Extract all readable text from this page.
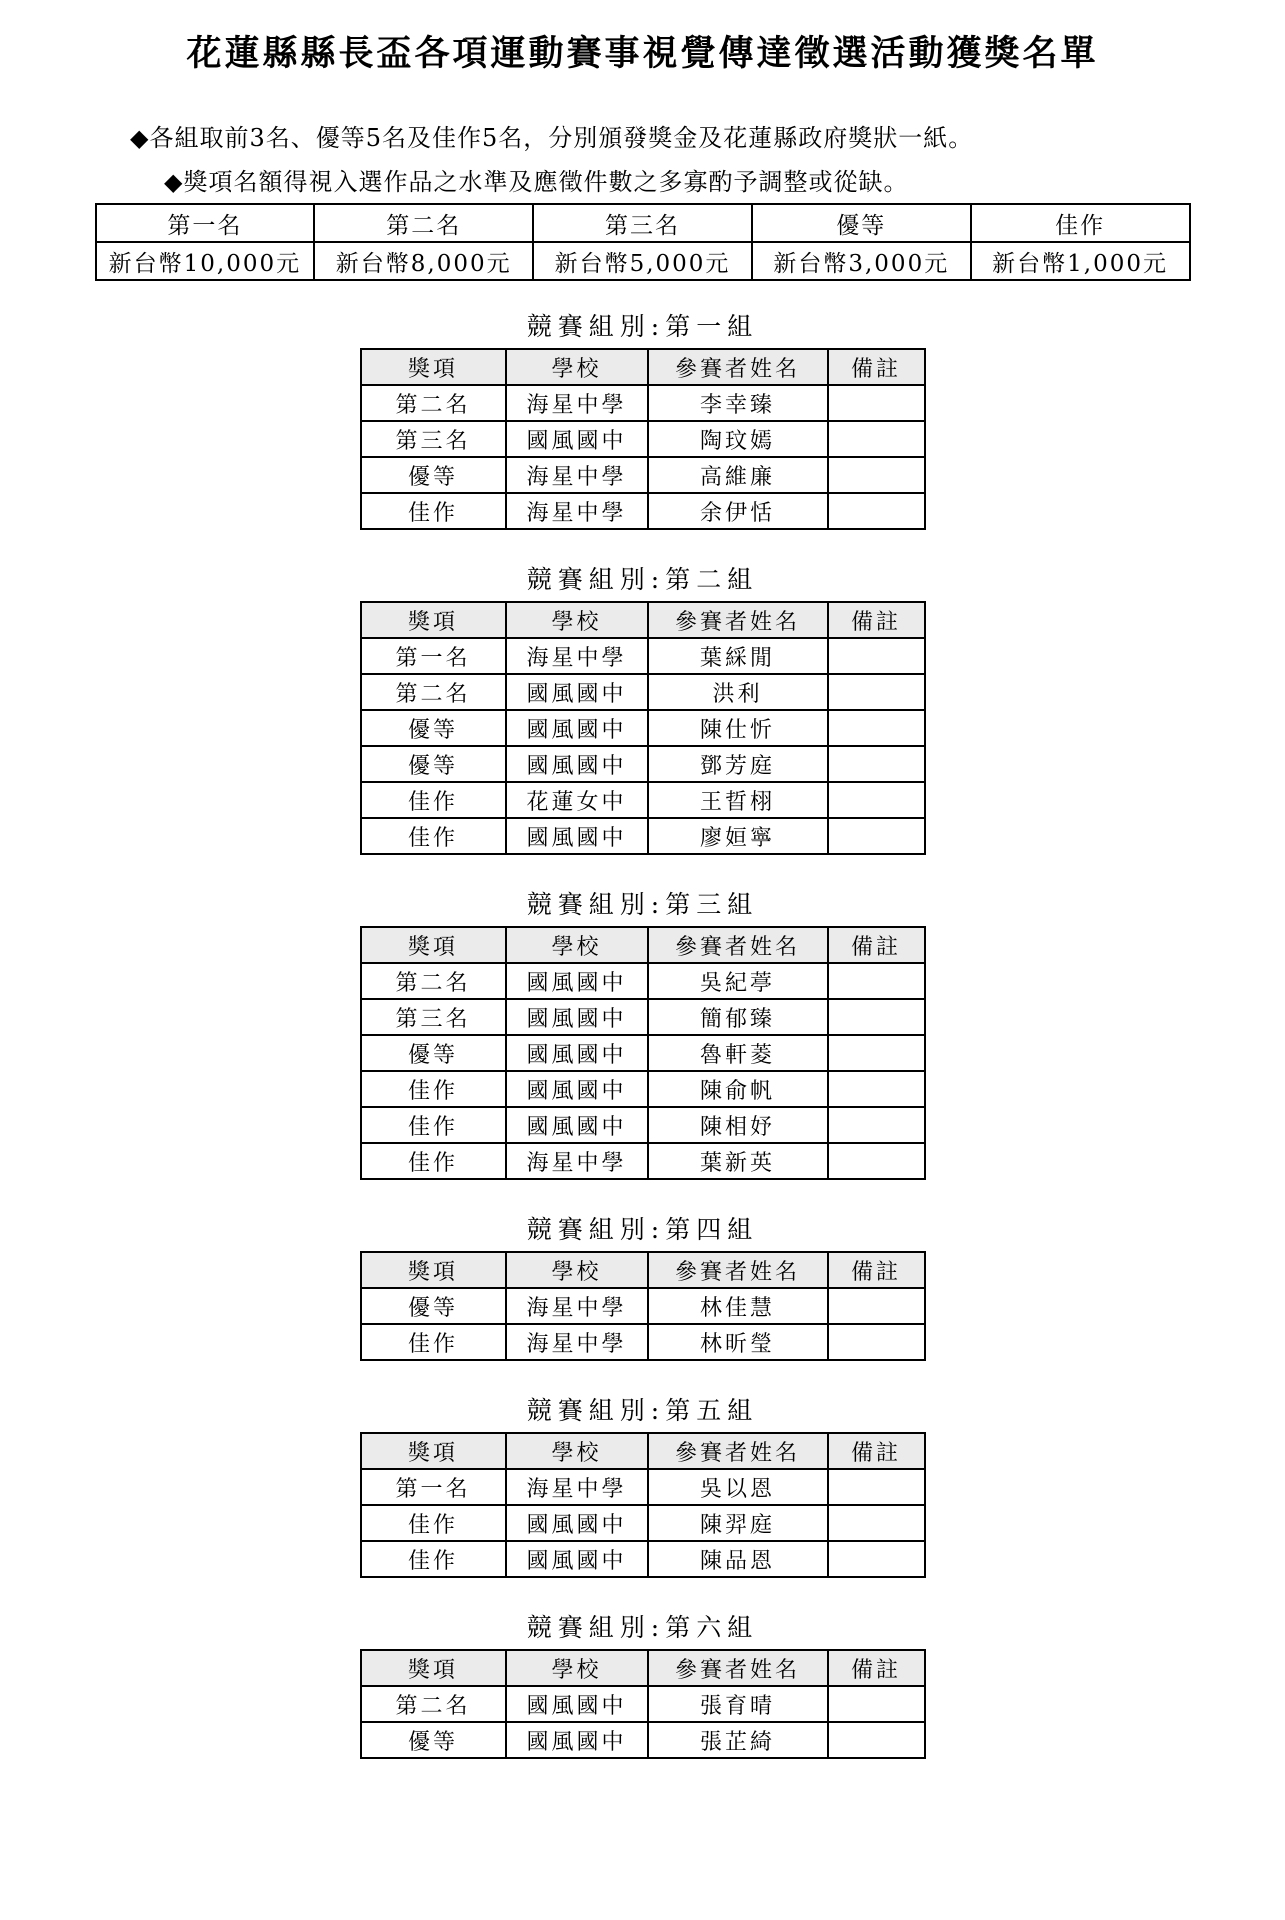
花蓮縣縣長盃各項運動賽事視覺傳達徵選活動獲獎名單
◆各組取前3名、優等5名及佳作5名，分別頒發獎金及花蓮縣政府獎狀一紙。
◆獎項名額得視入選作品之水準及應徵件數之多寡酌予調整或從缺。
第一名	第二名	第三名	優等	佳作
新台幣10,000元	新台幣8,000元	新台幣5,000元	新台幣3,000元	新台幣1,000元
競賽組別:第一組
獎項	學校	參賽者姓名	備註
第二名	海星中學	李幸臻	
第三名	國風國中	陶玟嫣	
優等	海星中學	高維廉	
佳作	海星中學	余伊恬	
競賽組別:第二組
獎項	學校	參賽者姓名	備註
第一名	海星中學	葉綵閒	
第二名	國風國中	洪利	
優等	國風國中	陳仕忻	
優等	國風國中	鄧芳庭	
佳作	花蓮女中	王晢栩	
佳作	國風國中	廖姮寧	
競賽組別:第三組
獎項	學校	參賽者姓名	備註
第二名	國風國中	吳紀葶	
第三名	國風國中	簡郁臻	
優等	國風國中	魯軒菱	
佳作	國風國中	陳俞帆	
佳作	國風國中	陳相妤	
佳作	海星中學	葉新英	
競賽組別:第四組
獎項	學校	參賽者姓名	備註
優等	海星中學	林佳慧	
佳作	海星中學	林昕瑩	
競賽組別:第五組
獎項	學校	參賽者姓名	備註
第一名	海星中學	吳以恩	
佳作	國風國中	陳羿庭	
佳作	國風國中	陳品恩	
競賽組別:第六組
獎項	學校	參賽者姓名	備註
第二名	國風國中	張育晴	
優等	國風國中	張芷綺	
